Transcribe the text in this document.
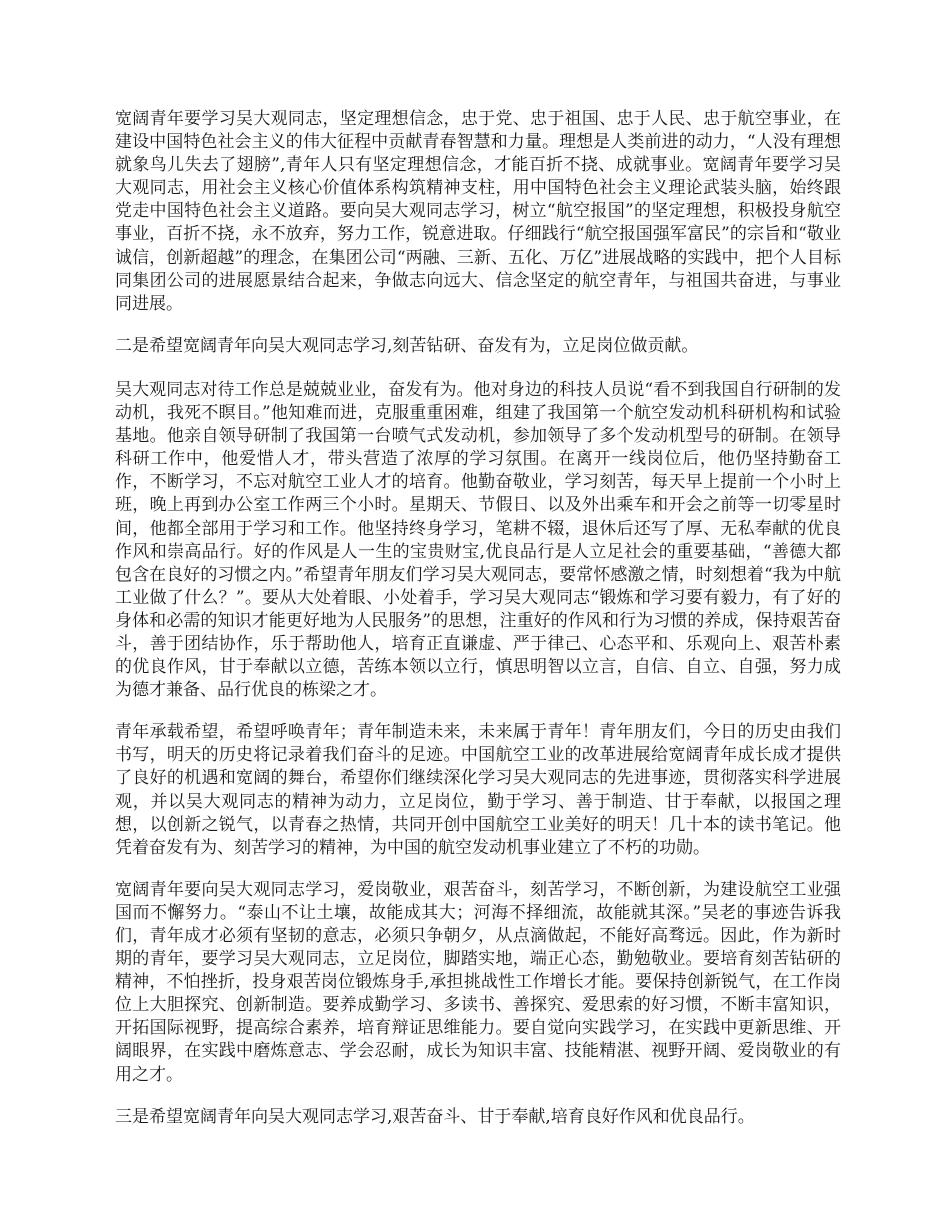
宽阔青年要学习吴大观同志，坚定理想信念，忠于党、忠于祖国、忠于人民、忠于航空事业，在建设中国特色社会主义的伟大征程中贡献青春智慧和力量。理想是人类前进的动力，“人没有理想就象鸟儿失去了翅膀”,青年人只有坚定理想信念，才能百折不挠、成就事业。宽阔青年要学习吴大观同志，用社会主义核心价值体系构筑精神支柱，用中国特色社会主义理论武装头脑，始终跟党走中国特色社会主义道路。要向吴大观同志学习，树立“航空报国”的坚定理想，积极投身航空事业，百折不挠，永不放弃，努力工作，锐意进取。仔细践行“航空报国强军富民”的宗旨和“敬业诚信，创新超越”的理念，在集团公司“两融、三新、五化、万亿”进展战略的实践中，把个人目标同集团公司的进展愿景结合起来，争做志向远大、信念坚定的航空青年，与祖国共奋进，与事业同进展。

二是希望宽阔青年向吴大观同志学习,刻苦钻研、奋发有为，立足岗位做贡献。

吴大观同志对待工作总是兢兢业业，奋发有为。他对身边的科技人员说“看不到我国自行研制的发动机，我死不瞑目。”他知难而进，克服重重困难，组建了我国第一个航空发动机科研机构和试验基地。他亲自领导研制了我国第一台喷气式发动机，参加领导了多个发动机型号的研制。在领导科研工作中，他爱惜人才，带头营造了浓厚的学习氛围。在离开一线岗位后，他仍坚持勤奋工作，不断学习，不忘对航空工业人才的培育。他勤奋敬业，学习刻苦，每天早上提前一个小时上班，晚上再到办公室工作两三个小时。星期天、节假日、以及外出乘车和开会之前等一切零星时间，他都全部用于学习和工作。他坚持终身学习，笔耕不辍，退休后还写了厚、无私奉献的优良作风和崇高品行。好的作风是人一生的宝贵财宝,优良品行是人立足社会的重要基础，“善德大都包含在良好的习惯之内。”希望青年朋友们学习吴大观同志，要常怀感激之情，时刻想着“我为中航工业做了什么？”。要从大处着眼、小处着手，学习吴大观同志“锻炼和学习要有毅力，有了好的身体和必需的知识才能更好地为人民服务”的思想，注重好的作风和行为习惯的养成，保持艰苦奋斗，善于团结协作，乐于帮助他人，培育正直谦虚、严于律己、心态平和、乐观向上、艰苦朴素的优良作风，甘于奉献以立德，苦练本领以立行，慎思明智以立言，自信、自立、自强，努力成为德才兼备、品行优良的栋梁之才。

青年承载希望，希望呼唤青年；青年制造未来，未来属于青年！青年朋友们，今日的历史由我们书写，明天的历史将记录着我们奋斗的足迹。中国航空工业的改革进展给宽阔青年成长成才提供了良好的机遇和宽阔的舞台，希望你们继续深化学习吴大观同志的先进事迹，贯彻落实科学进展观，并以吴大观同志的精神为动力，立足岗位，勤于学习、善于制造、甘于奉献，以报国之理想，以创新之锐气，以青春之热情，共同开创中国航空工业美好的明天！几十本的读书笔记。他凭着奋发有为、刻苦学习的精神，为中国的航空发动机事业建立了不朽的功勋。

宽阔青年要向吴大观同志学习，爱岗敬业，艰苦奋斗，刻苦学习，不断创新，为建设航空工业强国而不懈努力。“泰山不让土壤，故能成其大；河海不择细流，故能就其深。”吴老的事迹告诉我们，青年成才必须有坚韧的意志，必须只争朝夕，从点滴做起，不能好高骛远。因此，作为新时期的青年，要学习吴大观同志，立足岗位，脚踏实地，端正心态，勤勉敬业。要培育刻苦钻研的精神，不怕挫折，投身艰苦岗位锻炼身手,承担挑战性工作增长才能。要保持创新锐气，在工作岗位上大胆探究、创新制造。要养成勤学习、多读书、善探究、爱思索的好习惯，不断丰富知识，开拓国际视野，提高综合素养，培育辩证思维能力。要自觉向实践学习，在实践中更新思维、开阔眼界，在实践中磨炼意志、学会忍耐，成长为知识丰富、技能精湛、视野开阔、爱岗敬业的有用之才。

三是希望宽阔青年向吴大观同志学习,艰苦奋斗、甘于奉献,培育良好作风和优良品行。
